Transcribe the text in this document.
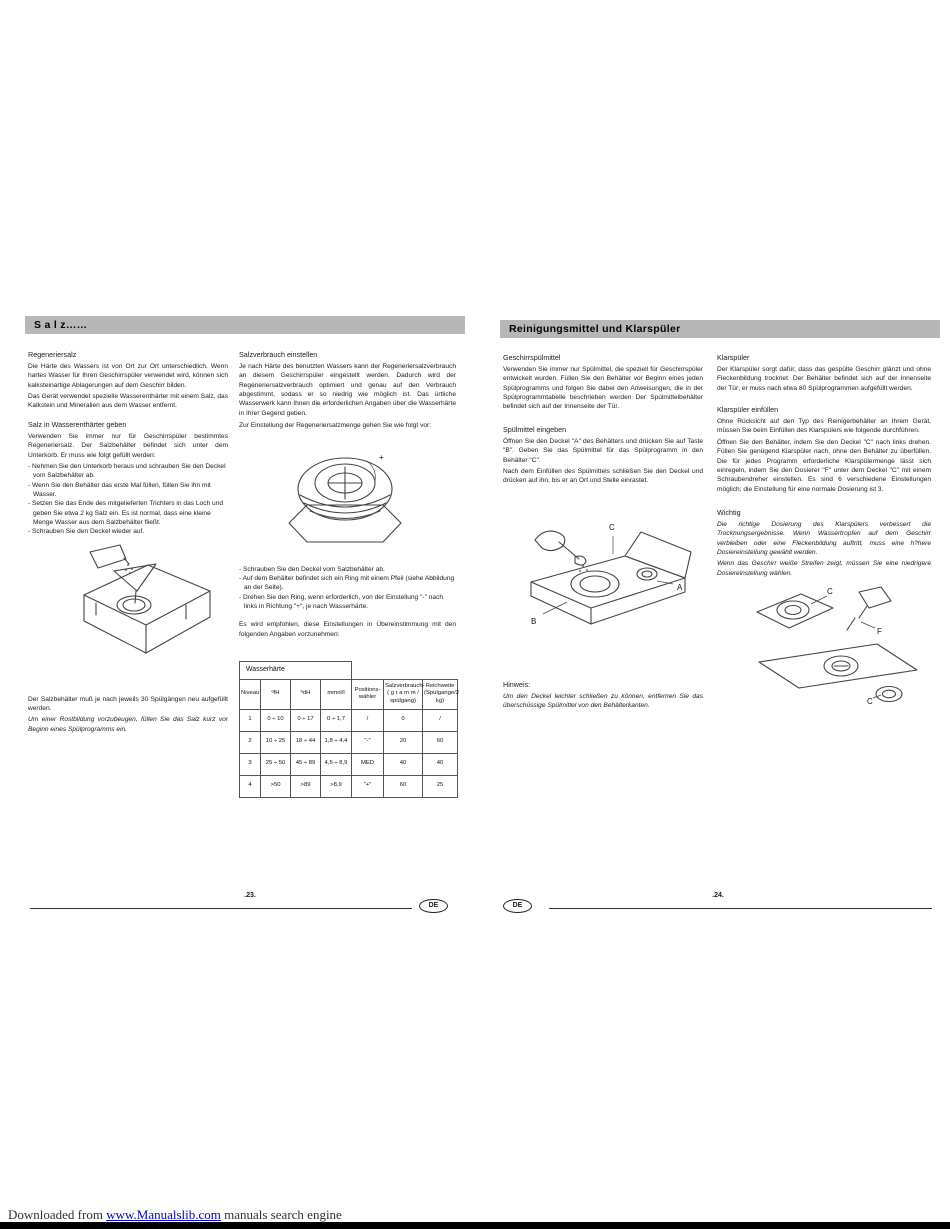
S a l z……
Regeneriersalz
Die Härte des Wassers ist von Ort zur Ort unterschiedlich. Wenn hartes Wasser für Ihren Geschirrspüler verwendet wird, können sich kalksteinartige Ablagerungen auf dem Geschirr bilden.
Das Gerät verwendet spezielle Wasserenthärter mit einem Salz, das Kalkstein und Mineralien aus dem Wasser entfernt.
Salz in Wasserenthärter geben
Verwenden Sie immer nur für Geschirrspüler bestimmtes Regeneriersalz. Der Salzbehälter befindet sich unter dem Unterkorb. Er muss wie folgt gefüllt werden:
- Nehmen Sie den Unterkorb heraus und schrauben Sie den Deckel vom Salzbehälter ab.
- Wenn Sie den Behälter das erste Mal füllen, füllen Sie ihn mit Wasser.
- Setzen Sie das Ende des mitgelieferten Trichters in das Loch und geben Sie etwa 2 kg Salz ein. Es ist normal, dass eine kleine Menge Wasser aus dem Salzbehälter fließt.
- Schrauben Sie den Deckel wieder auf.
Der Salzbehälter muß je nach jeweils 30 Spülgängen neu aufgefüllt werden.
Um einer Rostbildung vorzubeugen, füllen Sie das Salz kurz vor Beginn eines Spülprogramms ein.
Salzverbrauch einstellen
Je nach Härte des benutzten Wassers kann der Regeneriersalzverbrauch an diesem Geschirrspüler eingestellt werden. Dadurch wird der Regeneriersalzverbrauch optimiert und genau auf den Verbrauch abgestimmt, sodass er so niedrig wie möglich ist. Das ürtliche Wasserwerk kann Ihnen die erforderlichen Angaben über die Wasserhärte in Ihrer Gegend geben.
Zur Einstellung der Regeneriersalzmenge gehen Sie wie folgt vor:
+
- Schrauben Sie den Deckel vom Salzbehälter ab.
- Auf dem Behälter befindet sich ein Ring mit einem Pfeil (siehe Abbildung an der Seite).
- Drehen Sie den Ring, wenn erforderlich, von der Einstellung "-" nach links in Richtung "+", je nach Wasserhärte.
Es wird empfohlen, diese Einstellungen in Übereinstimmung mit den folgenden Angaben vorzunehmen:
Wasserhärte						
Niveau	ºfH	ºdH	mmol/l	Positions- wähler	Salzverbrauch- ( g r a m m / spülgang)	Reichweite (Spulgange/2 kg)
1	0 ÷ 10	0 ÷ 17	0 ÷ 1,7	/	0	/
2	10 ÷ 25	18 ÷ 44	1,8 ÷ 4,4	"-"	20	60
3	25 ÷ 50	45 ÷ 89	4,5 ÷ 8,9	MED	40	40
4	>50	>89	>8,9	"+"	60	25
Reinigungsmittel und Klarspüler
Geschirrspülmittel
Verwenden Sie immer nur Spülmittel, die speziell für Geschirrspüler entwickelt wurden. Füllen Sie den Behälter vor Beginn eines jeden Spülprogramms und folgen Sie dabei den Anweisungen, die in der Spülprogrammtabelle beschrieben werden Der Spülmittelbehälter befindet sich auf der Innenseite der Tür.
Spülmittel eingeben
Öffnen Sie den Deckel "A" des Behälters und drücken Sie auf Taste "B". Geben Sie das Spülmittel für das Spülprogramm in den Behälter "C".
Nach dem Einfüllen des Spülmittels schließen Sie den Deckel und drücken auf ihn, bis er an Ort und Stelle einrastet.
C
A
B
Hinweis:
Um den Deckel leichter schließen zu können, entfernen Sie das überschüssige Spülmittel von den Behälterkanten.
Klarspüler
Der Klarspüler sorgt dafür, dass das gespülte Geschirr glänzt und ohne Fleckenbildung trocknet. Der Behälter befindet sich auf der Innenseite der Tür; er muss nach etwa 80 Spülprogrammen aufgefüllt werden.
Klarspüler einfüllen
Ohne Rücksicht auf den Typ des Reinigerbehälter an Ihrem Gerät, müssen Sie beim Einfüllen des Klarspülers wie folgende durchführen.
Öffnen Sie den Behälter, indem Sie den Deckel "C" nach links drehen. Füllen Sie genügend Klarspüler nach, ohne den Behälter zu überfüllen. Die für jedes Programm erforderliche Klarspülermenge lässt sich einregeln, indem Sie den Dosierer "F" unter dem Deckel "C" mit einem Schraubendreher einstellen. Es sind 6 verschiedene Einstellungen möglich; die Einstellung für eine normale Dosierung ist 3.
Wichtig
Die richtige Dosierung des Klarspülers verbessert die Trocknungsergebnisse. Wenn Wassertropfen auf dem Geschirr verbleiben oder eine Fleckenbildung auftritt, muss eine h?here Dosiereinstellung gewählt werden.
Wenn das Geschirr weiße Streifen zeigt, müssen Sie eine niedrigere Dosiereinstellung wählen.
C
F
C
.23.
DE	DE
.24.
Downloaded from www.Manualslib.com manuals search engine
